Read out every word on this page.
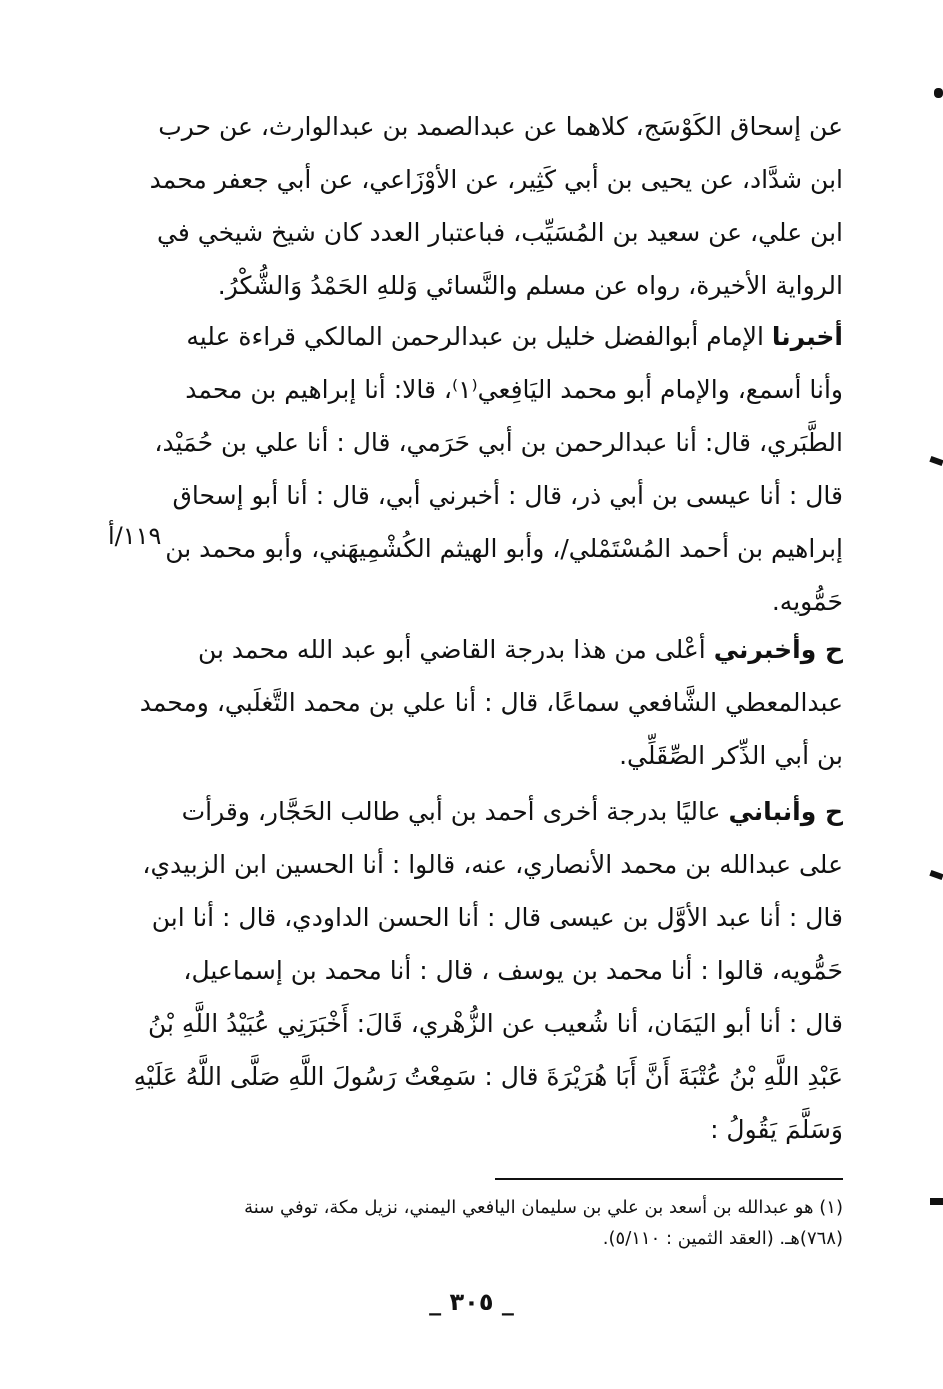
عن إسحاق الكَوْسَج، كلاهما عن عبدالصمد بن عبدالوارث، عن حرب
ابن شدَّاد، عن يحيى بن أبي كَثِير، عن الأوْزَاعي، عن أبي جعفر محمد
ابن علي، عن سعيد بن المُسَيِّب، فباعتبار العدد كان شيخ شيخي في
الرواية الأخيرة، رواه عن مسلم والنَّسائي وَللهِ الحَمْدُ وَالشُّكْرُ.
أخبرنا الإمام أبوالفضل خليل بن عبدالرحمن المالكي قراءة عليه
وأنا أسمع، والإمام أبو محمد اليَافِعي⁽١⁾، قالا: أنا إبراهيم بن محمد
الطَّبَري، قال: أنا عبدالرحمن بن أبي حَرَمي، قال : أنا علي بن حُمَيْد،
قال : أنا عيسى بن أبي ذر، قال : أخبرني أبي، قال : أنا أبو إسحاق
إبراهيم بن أحمد المُسْتَمْلي/، وأبو الهيثم الكُشْمِيهَني، وأبو محمد بن
حَمُّويه.
١١٩/أ
ح وأخبرني أعْلى من هذا بدرجة القاضي أبو عبد الله محمد بن
عبدالمعطي الشَّافعي سماعًا، قال : أنا علي بن محمد التَّغلَبي، ومحمد
بن أبي الذِّكر الصِّقَلِّي.
ح وأنباني عاليًا بدرجة أخرى أحمد بن أبي طالب الحَجَّار، وقرأت
على عبدالله بن محمد الأنصاري، عنه، قالوا : أنا الحسين ابن الزبيدي،
قال : أنا عبد الأوَّل بن عيسى قال : أنا الحسن الداودي، قال : أنا ابن
حَمُّويه، قالوا : أنا محمد بن يوسف ، قال : أنا محمد بن إسماعيل،
قال : أنا أبو اليَمَان، أنا شُعيب عن الزُّهْري، قَالَ: أَخْبَرَنِي عُبَيْدُ اللَّهِ بْنُ
عَبْدِ اللَّهِ بْنُ عُتْبَةَ أَنَّ أَبَا هُرَيْرَةَ قال : سَمِعْتُ رَسُولَ اللَّهِ صَلَّى اللَّهُ عَلَيْهِ
وَسَلَّمَ يَقُولُ :
(١) هو عبدالله بن أسعد بن علي بن سليمان اليافعي اليمني، نزيل مكة، توفي سنة
(٧٦٨)هـ. (العقد الثمين : ٥/١١٠).
_ ٣٠٥ _
